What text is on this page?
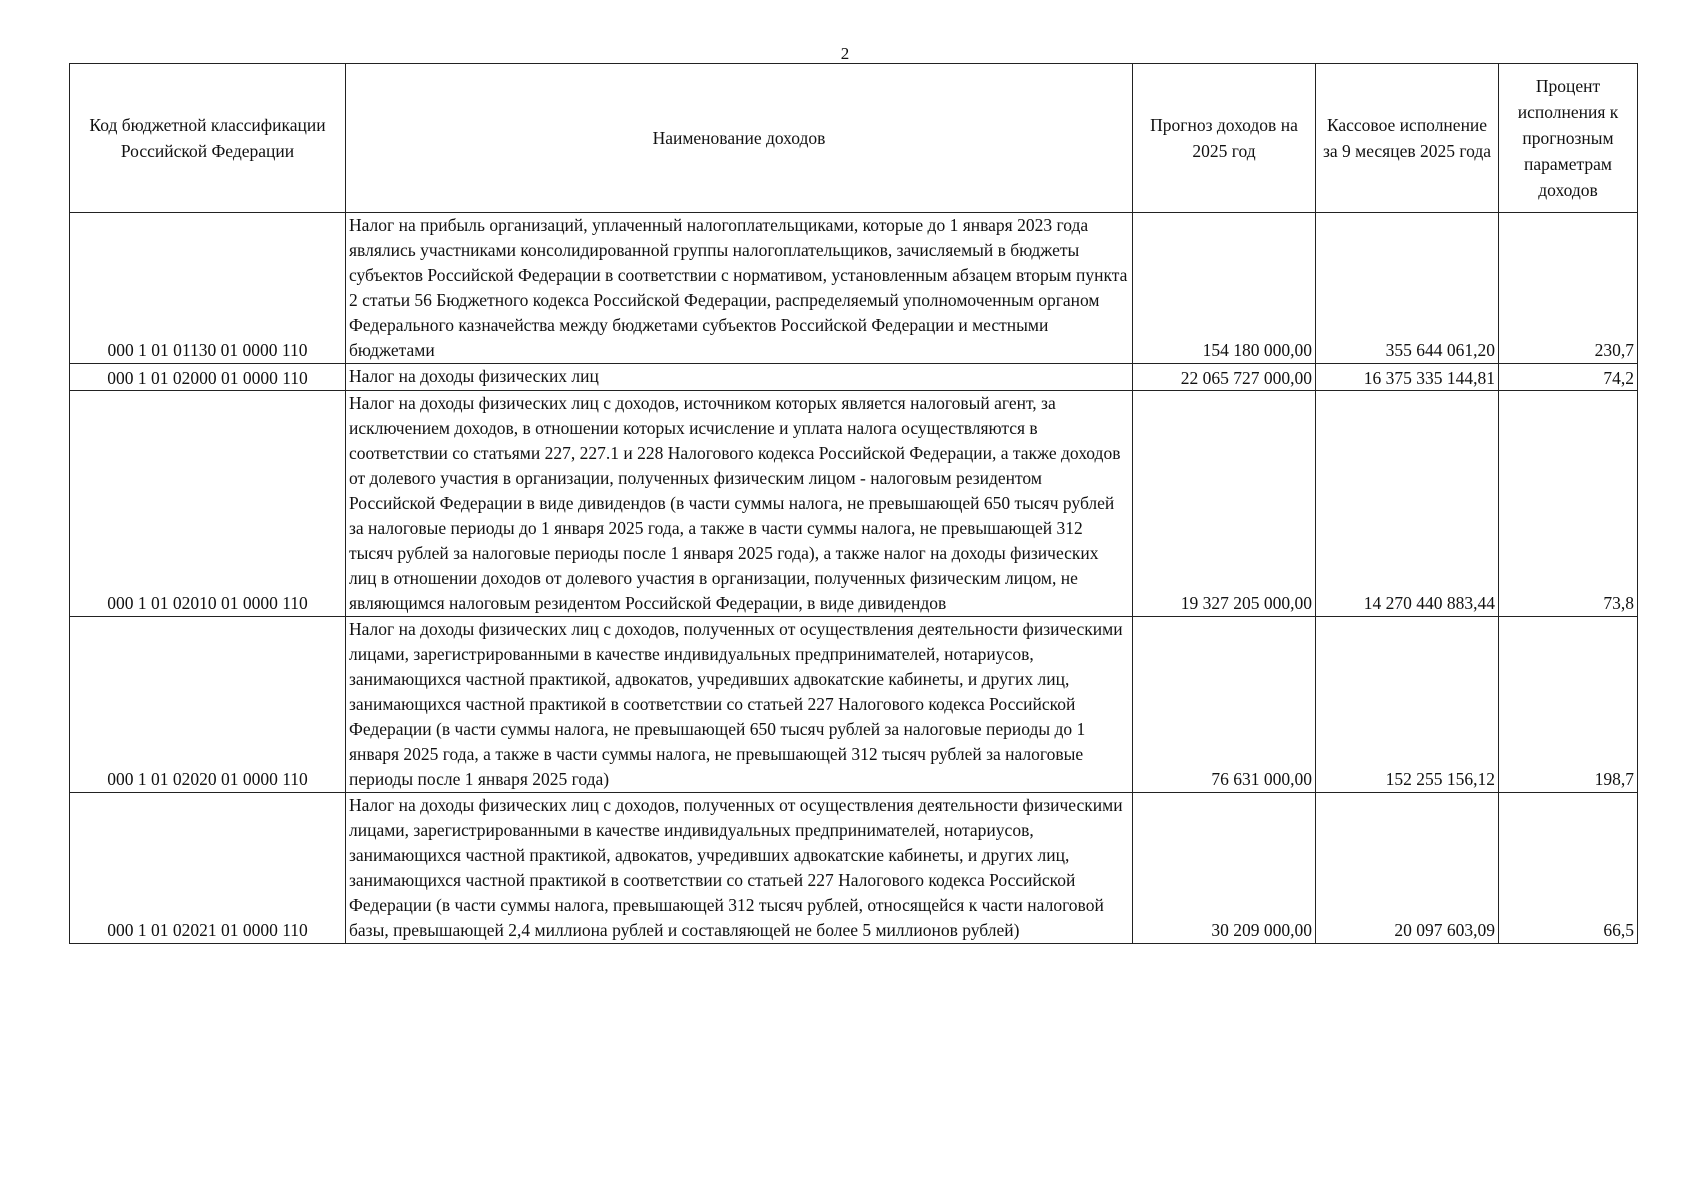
2
Код бюджетной классификации Российской Федерации	Наименование доходов	Прогноз доходов на 2025 год	Кассовое исполнение за 9 месяцев 2025 года	Процент исполнения к прогнозным параметрам доходов
000 1 01 01130 01 0000 110	Налог на прибыль организаций, уплаченный налогоплательщиками, которые до 1 января 2023 года являлись участниками консолидированной группы налогоплательщиков, зачисляемый в бюджеты субъектов Российской Федерации в соответствии с нормативом, установленным абзацем вторым пункта 2 статьи 56 Бюджетного кодекса Российской Федерации, распределяемый уполномоченным органом Федерального казначейства между бюджетами субъектов Российской Федерации и местными бюджетами	154 180 000,00	355 644 061,20	230,7
000 1 01 02000 01 0000 110	Налог на доходы физических лиц	22 065 727 000,00	16 375 335 144,81	74,2
000 1 01 02010 01 0000 110	Налог на доходы физических лиц с доходов, источником которых является налоговый агент, за исключением доходов, в отношении которых исчисление и уплата налога осуществляются в соответствии со статьями 227, 227.1 и 228 Налогового кодекса Российской Федерации, а также доходов от долевого участия в организации, полученных физическим лицом - налоговым резидентом Российской Федерации в виде дивидендов (в части суммы налога, не превышающей 650 тысяч рублей за налоговые периоды до 1 января 2025 года, а также в части суммы налога, не превышающей 312 тысяч рублей за налоговые периоды после 1 января 2025 года), а также налог на доходы физических лиц в отношении доходов от долевого участия в организации, полученных физическим лицом, не являющимся налоговым резидентом Российской Федерации, в виде дивидендов	19 327 205 000,00	14 270 440 883,44	73,8
000 1 01 02020 01 0000 110	Налог на доходы физических лиц с доходов, полученных от осуществления деятельности физическими лицами, зарегистрированными в качестве индивидуальных предпринимателей, нотариусов, занимающихся частной практикой, адвокатов, учредивших адвокатские кабинеты, и других лиц, занимающихся частной практикой в соответствии со статьей 227 Налогового кодекса Российской Федерации (в части суммы налога, не превышающей 650 тысяч рублей за налоговые периоды до 1 января 2025 года, а также в части суммы налога, не превышающей 312 тысяч рублей за налоговые периоды после 1 января 2025 года)	76 631 000,00	152 255 156,12	198,7
000 1 01 02021 01 0000 110	Налог на доходы физических лиц с доходов, полученных от осуществления деятельности физическими лицами, зарегистрированными в качестве индивидуальных предпринимателей, нотариусов, занимающихся частной практикой, адвокатов, учредивших адвокатские кабинеты, и других лиц, занимающихся частной практикой в соответствии со статьей 227 Налогового кодекса Российской Федерации (в части суммы налога, превышающей 312 тысяч рублей, относящейся к части налоговой базы, превышающей 2,4 миллиона рублей и составляющей не более 5 миллионов рублей)	30 209 000,00	20 097 603,09	66,5
